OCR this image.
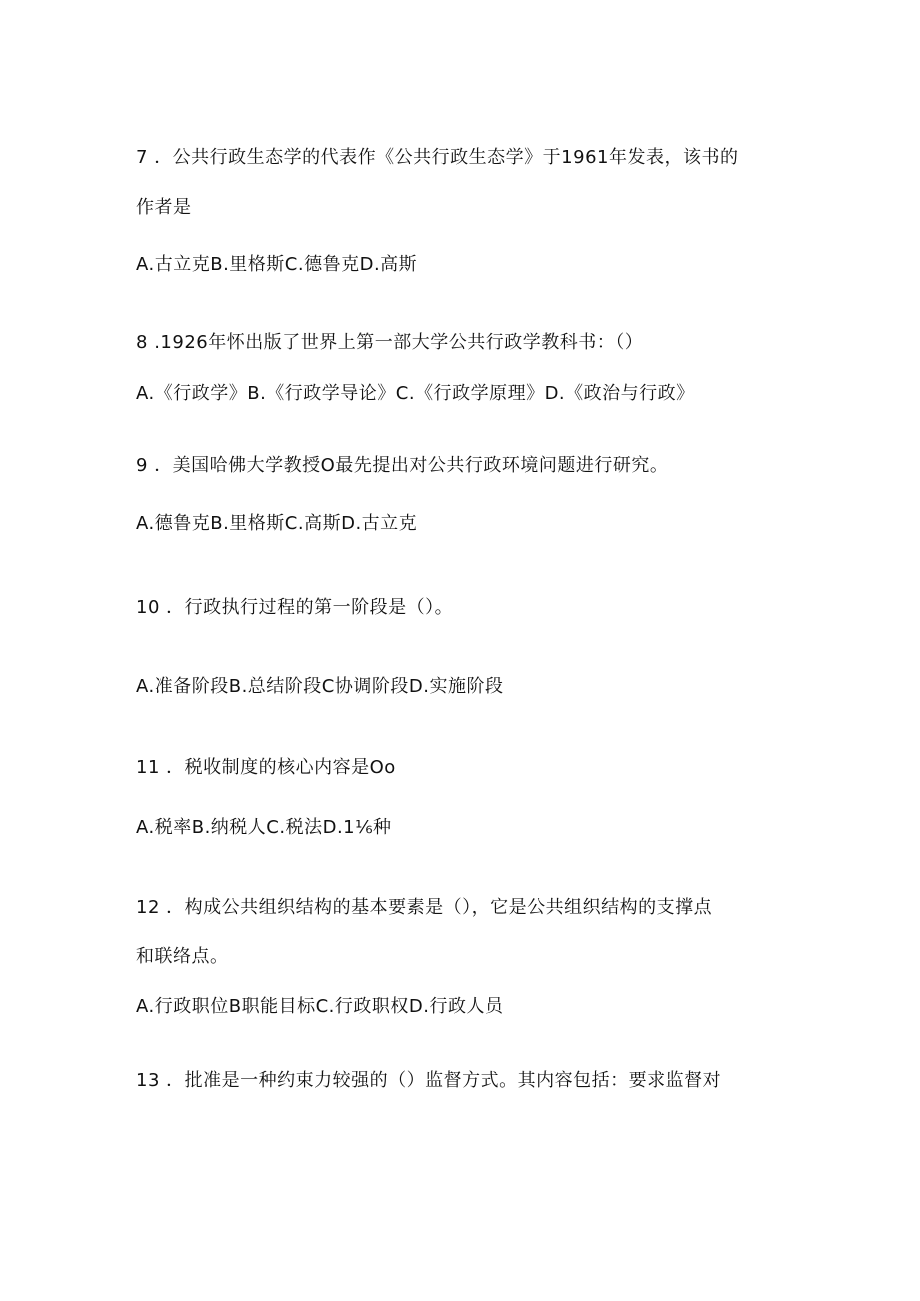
7 ．公共行政生态学的代表作《公共行政生态学》于1961年发表，该书的
作者是
A.古立克B.里格斯C.德鲁克D.高斯
8 .1926年怀出版了世界上第一部大学公共行政学教科书：（）
A.《行政学》B.《行政学导论》C.《行政学原理》D.《政治与行政》
9 ．美国哈佛大学教授O最先提出对公共行政环境问题进行研究。
A.德鲁克B.里格斯C.高斯D.古立克
10 ．行政执行过程的第一阶段是（）。
A.准备阶段B.总结阶段C协调阶段D.实施阶段
11 ．税收制度的核心内容是Oo
A.税率B.纳税人C.税法D.1⅙种
12 ．构成公共组织结构的基本要素是（），它是公共组织结构的支撑点
和联络点。
A.行政职位B职能目标C.行政职权D.行政人员
13 ．批准是一种约束力较强的（）监督方式。其内容包括：要求监督对
